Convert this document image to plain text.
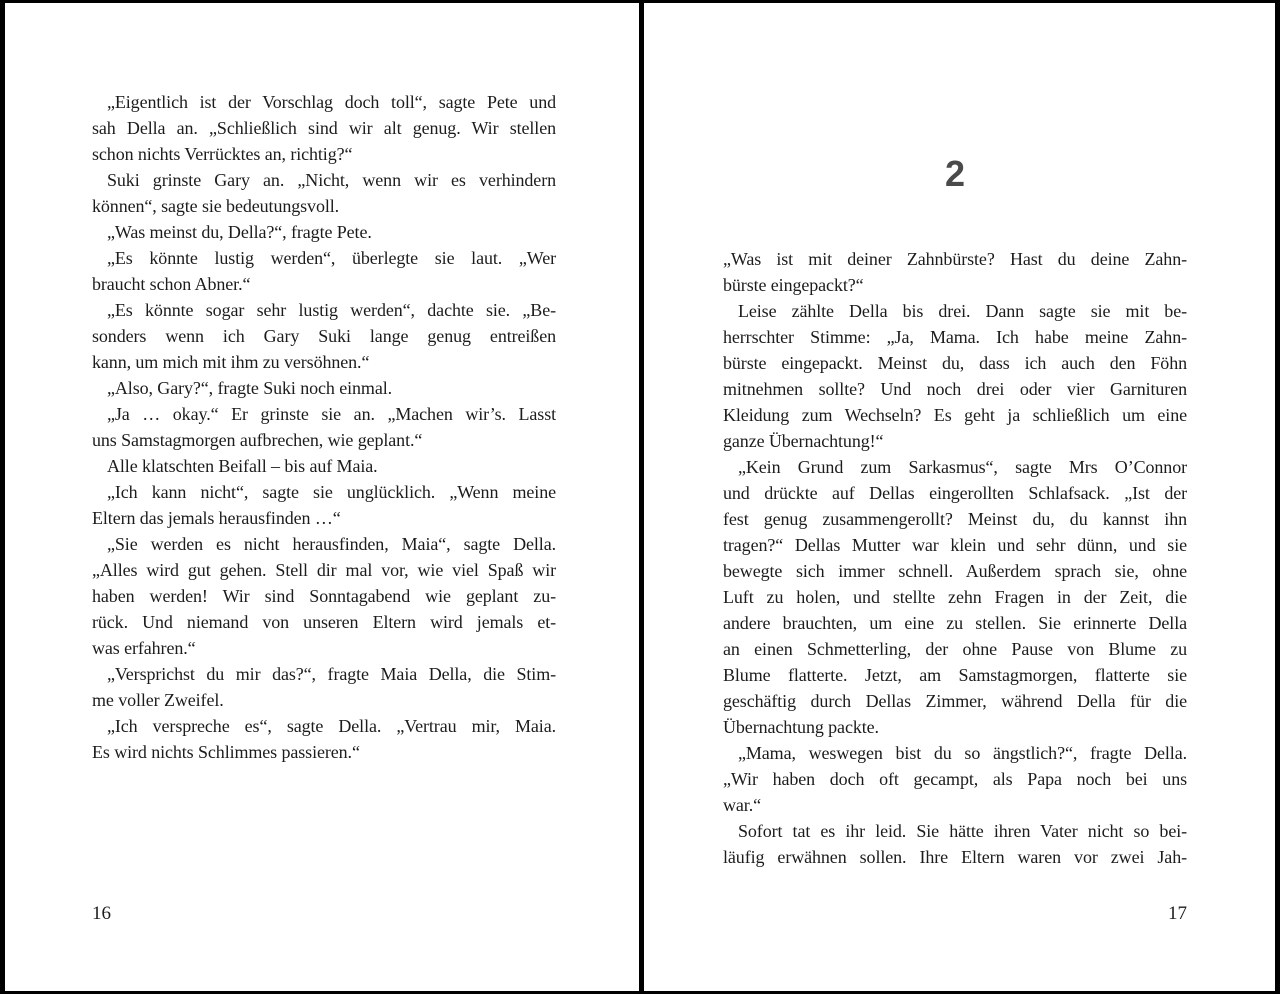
„Eigentlich ist der Vorschlag doch toll“, sagte Pete und
sah Della an. „Schließlich sind wir alt genug. Wir stellen
schon nichts Verrücktes an, richtig?“
Suki grinste Gary an. „Nicht, wenn wir es verhindern
können“, sagte sie bedeutungsvoll.
„Was meinst du, Della?“, fragte Pete.
„Es könnte lustig werden“, überlegte sie laut. „Wer
braucht schon Abner.“
„Es könnte sogar sehr lustig werden“, dachte sie. „Be-
sonders wenn ich Gary Suki lange genug entreißen
kann, um mich mit ihm zu versöhnen.“
„Also, Gary?“, fragte Suki noch einmal.
„Ja … okay.“ Er grinste sie an. „Machen wir’s. Lasst
uns Samstagmorgen aufbrechen, wie geplant.“
Alle klatschten Beifall – bis auf Maia.
„Ich kann nicht“, sagte sie unglücklich. „Wenn meine
Eltern das jemals herausfinden …“
„Sie werden es nicht herausfinden, Maia“, sagte Della.
„Alles wird gut gehen. Stell dir mal vor, wie viel Spaß wir
haben werden! Wir sind Sonntagabend wie geplant zu-
rück. Und niemand von unseren Eltern wird jemals et-
was erfahren.“
„Versprichst du mir das?“, fragte Maia Della, die Stim-
me voller Zweifel.
„Ich verspreche es“, sagte Della. „Vertrau mir, Maia.
Es wird nichts Schlimmes passieren.“
16
2
„Was ist mit deiner Zahnbürste? Hast du deine Zahn-
bürste eingepackt?“
Leise zählte Della bis drei. Dann sagte sie mit be-
herrschter Stimme: „Ja, Mama. Ich habe meine Zahn-
bürste eingepackt. Meinst du, dass ich auch den Föhn
mitnehmen sollte? Und noch drei oder vier Garnituren
Kleidung zum Wechseln? Es geht ja schließlich um eine
ganze Übernachtung!“
„Kein Grund zum Sarkasmus“, sagte Mrs O’Connor
und drückte auf Dellas eingerollten Schlafsack. „Ist der
fest genug zusammengerollt? Meinst du, du kannst ihn
tragen?“ Dellas Mutter war klein und sehr dünn, und sie
bewegte sich immer schnell. Außerdem sprach sie, ohne
Luft zu holen, und stellte zehn Fragen in der Zeit, die
andere brauchten, um eine zu stellen. Sie erinnerte Della
an einen Schmetterling, der ohne Pause von Blume zu
Blume flatterte. Jetzt, am Samstagmorgen, flatterte sie
geschäftig durch Dellas Zimmer, während Della für die
Übernachtung packte.
„Mama, weswegen bist du so ängstlich?“, fragte Della.
„Wir haben doch oft gecampt, als Papa noch bei uns
war.“
Sofort tat es ihr leid. Sie hätte ihren Vater nicht so bei-
läufig erwähnen sollen. Ihre Eltern waren vor zwei Jah-
17
